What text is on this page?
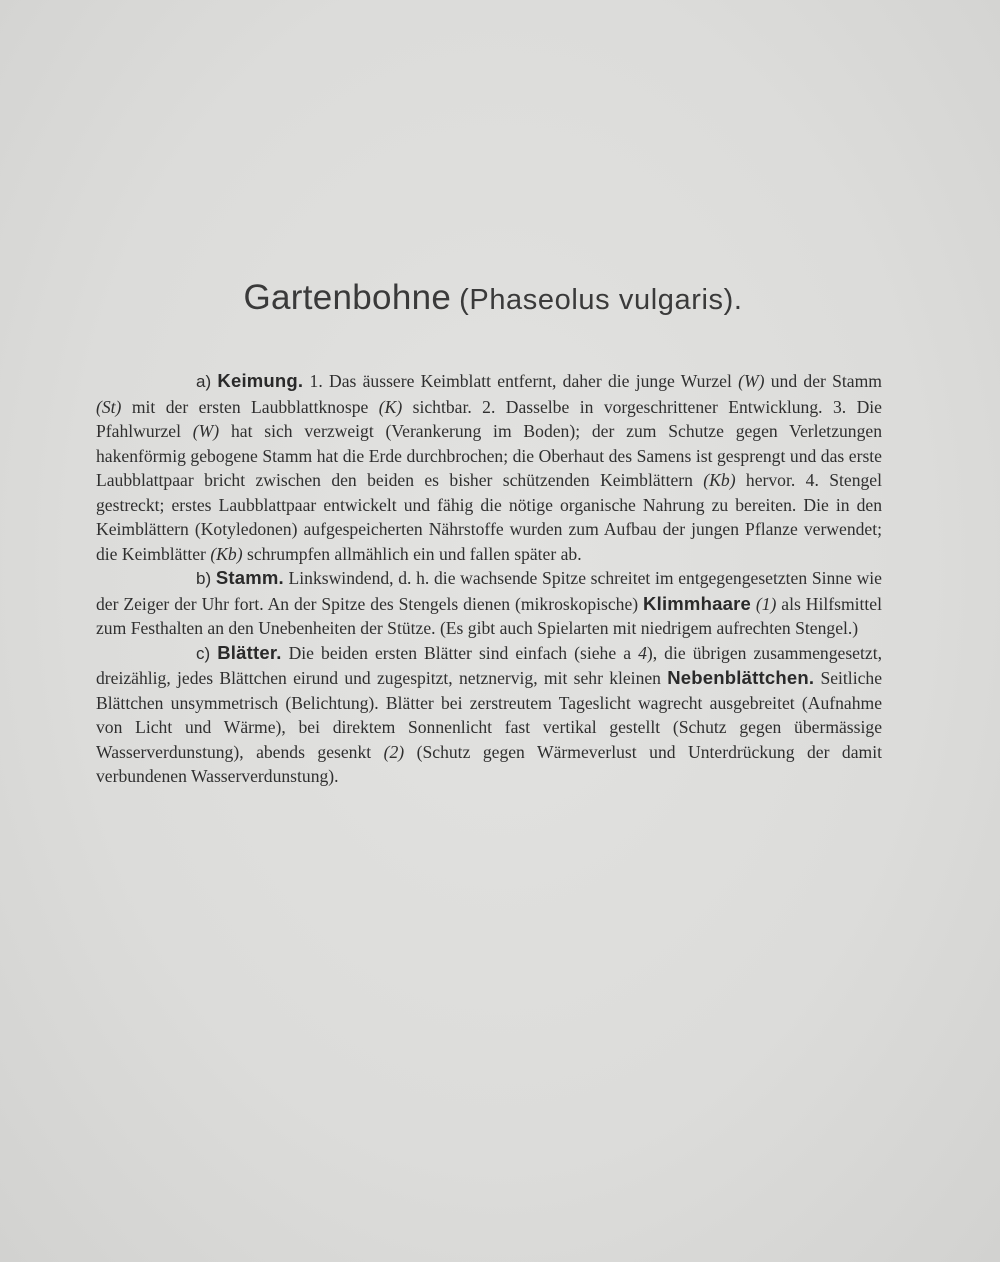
Gartenbohne (Phaseolus vulgaris).

a) Keimung. 1. Das äussere Keimblatt entfernt, daher die junge Wurzel (W) und der Stamm (St) mit der ersten Laubblattknospe (K) sichtbar. 2. Dasselbe in vorgeschrittener Entwicklung. 3. Die Pfahlwurzel (W) hat sich verzweigt (Verankerung im Boden); der zum Schutze gegen Verletzungen hakenförmig gebogene Stamm hat die Erde durchbrochen; die Oberhaut des Samens ist gesprengt und das erste Laubblattpaar bricht zwischen den beiden es bisher schützenden Keimblättern (Kb) hervor. 4. Stengel gestreckt; erstes Laubblattpaar entwickelt und fähig die nötige organische Nahrung zu bereiten. Die in den Keimblättern (Kotyledonen) aufgespeicherten Nährstoffe wurden zum Aufbau der jungen Pflanze verwendet; die Keimblätter (Kb) schrumpfen allmählich ein und fallen später ab.

b) Stamm. Linkswindend, d. h. die wachsende Spitze schreitet im entgegengesetzten Sinne wie der Zeiger der Uhr fort. An der Spitze des Stengels dienen (mikroskopische) Klimmhaare (1) als Hilfsmittel zum Festhalten an den Unebenheiten der Stütze. (Es gibt auch Spielarten mit niedrigem aufrechten Stengel.)

c) Blätter. Die beiden ersten Blätter sind einfach (siehe a 4), die übrigen zusammengesetzt, dreizählig, jedes Blättchen eirund und zugespitzt, netznervig, mit sehr kleinen Nebenblättchen. Seitliche Blättchen unsymmetrisch (Belichtung). Blätter bei zerstreutem Tageslicht wagrecht ausgebreitet (Aufnahme von Licht und Wärme), bei direktem Sonnenlicht fast vertikal gestellt (Schutz gegen übermässige Wasserverdunstung), abends gesenkt (2) (Schutz gegen Wärmeverlust und Unterdrückung der damit verbundenen Wasserverdunstung).
